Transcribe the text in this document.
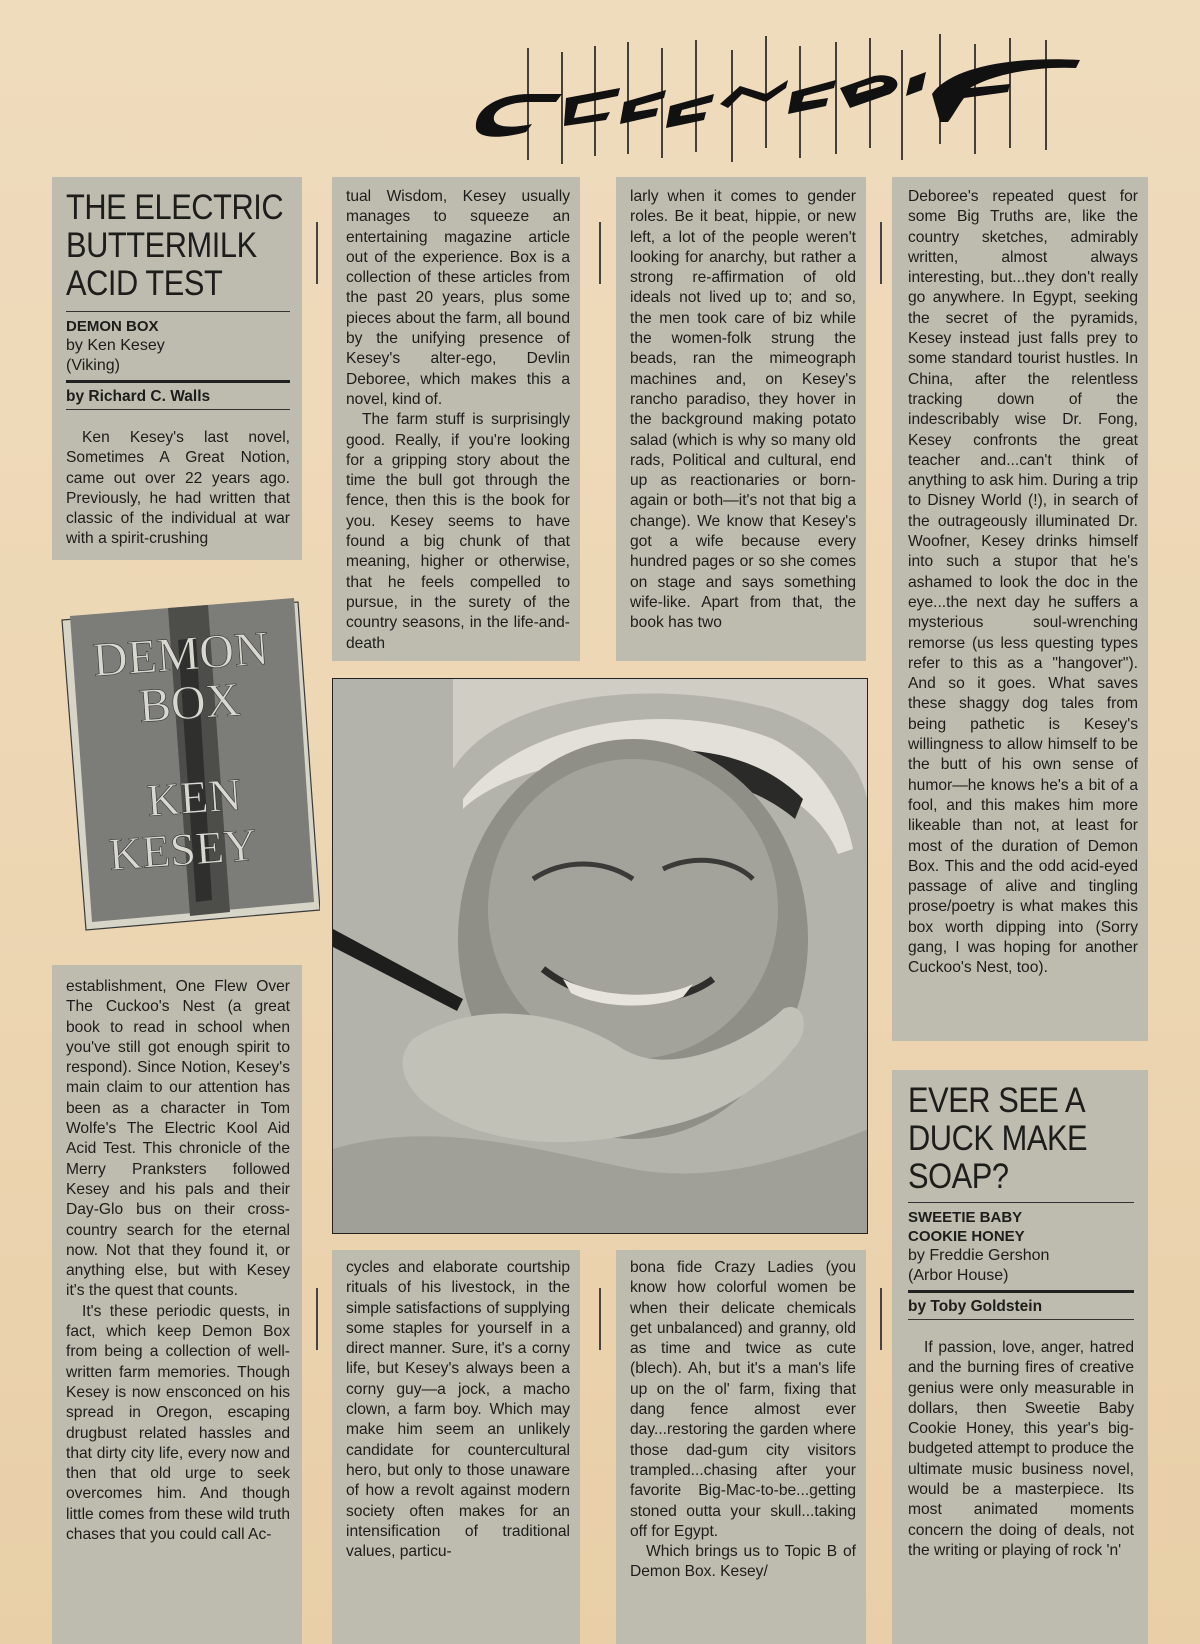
THE ELECTRIC
BUTTERMILK
ACID TEST

DEMON BOX

by Ken Kesey

(Viking)

by Richard C. Walls

Ken Kesey's last novel, Sometimes A Great Notion, came out over 22 years ago. Previously, he had written that classic of the individual at war with a spirit-crushing

DEMON
BOX
KEN
KESEY

establishment, One Flew Over The Cuckoo's Nest (a great book to read in school when you've still got enough spirit to respond). Since Notion, Kesey's main claim to our attention has been as a character in Tom Wolfe's The Electric Kool Aid Acid Test. This chronicle of the Merry Pranksters followed Kesey and his pals and their Day-Glo bus on their cross-country search for the eternal now. Not that they found it, or anything else, but with Kesey it's the quest that counts.

It's these periodic quests, in fact, which keep Demon Box from being a collection of well-written farm memories. Though Kesey is now ensconced on his spread in Oregon, escaping drugbust related hassles and that dirty city life, every now and then that old urge to seek overcomes him. And though little comes from these wild truth chases that you could call Ac-

tual Wisdom, Kesey usually manages to squeeze an entertaining magazine article out of the experience. Box is a collection of these articles from the past 20 years, plus some pieces about the farm, all bound by the unifying presence of Kesey's alter-ego, Devlin Deboree, which makes this a novel, kind of.

The farm stuff is surprisingly good. Really, if you're looking for a gripping story about the time the bull got through the fence, then this is the book for you. Kesey seems to have found a big chunk of that meaning, higher or otherwise, that he feels compelled to pursue, in the surety of the country seasons, in the life-and-death

larly when it comes to gender roles. Be it beat, hippie, or new left, a lot of the people weren't looking for anarchy, but rather a strong re-affirmation of old ideals not lived up to; and so, the men took care of biz while the women-folk strung the beads, ran the mimeograph machines and, on Kesey's rancho paradiso, they hover in the background making potato salad (which is why so many old rads, Political and cultural, end up as reactionaries or born-again or both—it's not that big a change). We know that Kesey's got a wife because every hundred pages or so she comes on stage and says something wife-like. Apart from that, the book has two

cycles and elaborate courtship rituals of his livestock, in the simple satisfactions of supplying some staples for yourself in a direct manner. Sure, it's a corny life, but Kesey's always been a corny guy—a jock, a macho clown, a farm boy. Which may make him seem an unlikely candidate for countercultural hero, but only to those unaware of how a revolt against modern society often makes for an intensification of traditional values, particu-

bona fide Crazy Ladies (you know how colorful women be when their delicate chemicals get unbalanced) and granny, old as time and twice as cute (blech). Ah, but it's a man's life up on the ol' farm, fixing that dang fence almost ever day...restoring the garden where those dad-gum city visitors trampled...chasing after your favorite Big-Mac-to-be...getting stoned outta your skull...taking off for Egypt.

Which brings us to Topic B of Demon Box. Kesey/

Deboree's repeated quest for some Big Truths are, like the country sketches, admirably written, almost always interesting, but...they don't really go anywhere. In Egypt, seeking the secret of the pyramids, Kesey instead just falls prey to some standard tourist hustles. In China, after the relentless tracking down of the indescribably wise Dr. Fong, Kesey confronts the great teacher and...can't think of anything to ask him. During a trip to Disney World (!), in search of the outrageously illuminated Dr. Woofner, Kesey drinks himself into such a stupor that he's ashamed to look the doc in the eye...the next day he suffers a mysterious soul-wrenching remorse (us less questing types refer to this as a "hangover"). And so it goes. What saves these shaggy dog tales from being pathetic is Kesey's willingness to allow himself to be the butt of his own sense of humor—he knows he's a bit of a fool, and this makes him more likeable than not, at least for most of the duration of Demon Box. This and the odd acid-eyed passage of alive and tingling prose/poetry is what makes this box worth dipping into (Sorry gang, I was hoping for another Cuckoo's Nest, too).

EVER SEE A
DUCK MAKE
SOAP?

SWEETIE BABY

COOKIE HONEY

by Freddie Gershon

(Arbor House)

by Toby Goldstein

If passion, love, anger, hatred and the burning fires of creative genius were only measurable in dollars, then Sweetie Baby Cookie Honey, this year's big-budgeted attempt to produce the ultimate music business novel, would be a masterpiece. Its most animated moments concern the doing of deals, not the writing or playing of rock 'n'
